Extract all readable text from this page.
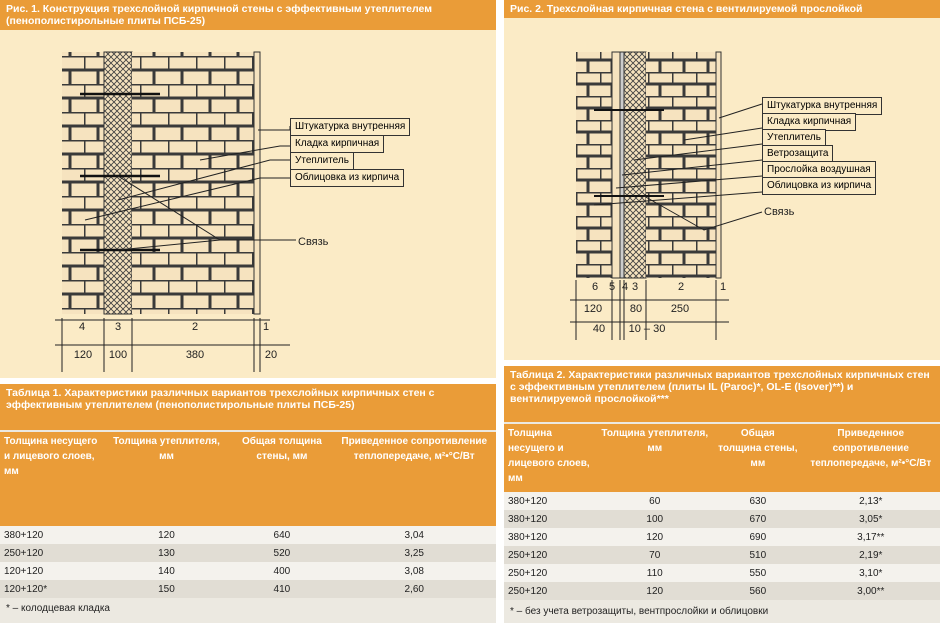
Рис. 1. Конструкция трехслойной кирпичной стены с эффективным утеплителем (пенополистирольные плиты ПСБ-25)
Штукатурка внутренняя
Кладка кирпичная
Утеплитель
Облицовка из кирпича
Связь
4	3	2	1
120	100	380	20
Рис. 2. Трехслойная кирпичная стена с вентилируемой прослойкой
Штукатурка внутренняя
Кладка кирпичная
Утеплитель
Ветрозащита
Прослойка воздушная
Облицовка из кирпича
Связь
6 5 4 3	2	1
120	80	250
40	10 – 30
Таблица 1. Характеристики различных вариантов трехслойных кирпичных стен с эффективным утеплителем (пенополистирольные плиты ПСБ-25)
Толщина несущего и лицевого слоев, мм	Толщина утеплителя, мм	Общая толщина стены, мм	Приведенное сопротивление теплопередаче, м²•°С/Вт
380+120	120	640	3,04
250+120	130	520	3,25
120+120	140	400	3,08
120+120*	150	410	2,60
* – колодцевая кладка
Таблица 2. Характеристики различных вариантов трехслойных кирпичных стен с эффективным утеплителем (плиты IL (Paroc)*, OL-E (Isover)**) и вентилируемой прослойкой***
Толщина несущего и лицевого слоев, мм	Толщина утеплителя, мм	Общая толщина стены, мм	Приведенное сопротивление теплопередаче, м²•°С/Вт
380+120	60	630	2,13*
380+120	100	670	3,05*
380+120	120	690	3,17**
250+120	70	510	2,19*
250+120	110	550	3,10*
250+120	120	560	3,00**
* – без учета ветрозащиты, вентпрослойки и облицовки
